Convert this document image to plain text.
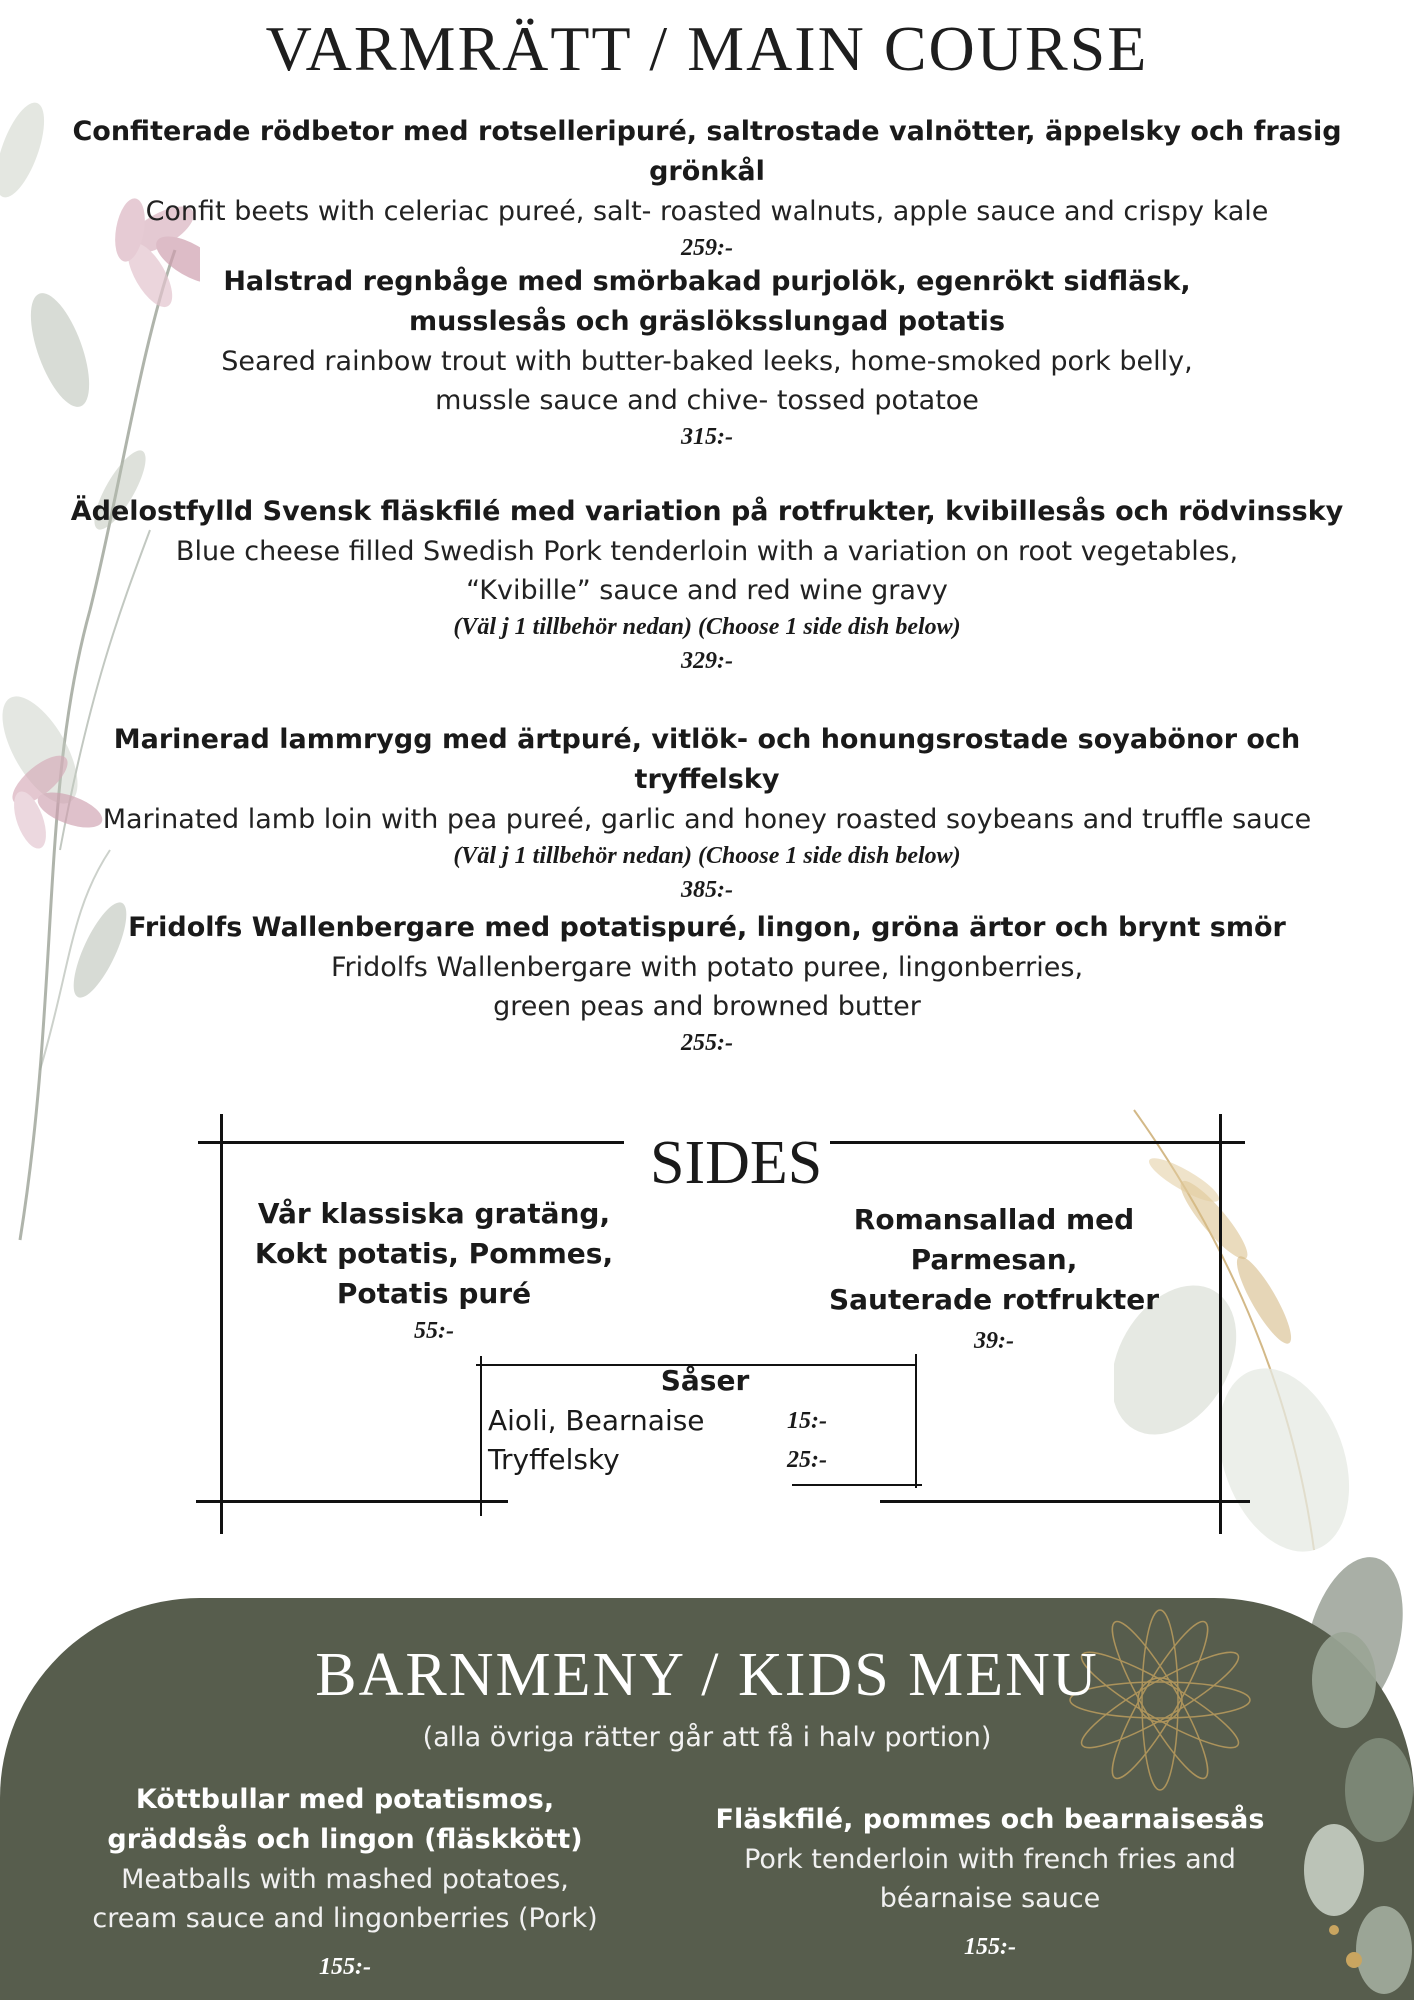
VARMRÄTT / MAIN COURSE
Confiterade rödbetor med rotselleripuré, saltrostade valnötter, äppelsky och frasig grönkål
Confit beets with celeriac pureé, salt- roasted walnuts, apple sauce and crispy kale
259:-
Halstrad regnbåge med smörbakad purjolök, egenrökt sidfläsk,
musslesås och gräslöksslungad potatis
Seared rainbow trout with butter-baked leeks, home-smoked pork belly,
mussle sauce and chive- tossed potatoe
315:-
Ädelostfylld Svensk fläskfilé med variation på rotfrukter, kvibillesås och rödvinssky
Blue cheese filled Swedish Pork tenderloin with a variation on root vegetables,
“Kvibille” sauce and red wine gravy
(Väl j 1 tillbehör nedan) (Choose 1 side dish below)
329:-
Marinerad lammrygg med ärtpuré, vitlök- och honungsrostade soyabönor och tryffelsky
Marinated lamb loin with pea pureé, garlic and honey roasted soybeans and truffle sauce
(Väl j 1 tillbehör nedan) (Choose 1 side dish below)
385:-
Fridolfs Wallenbergare med potatispuré, lingon, gröna ärtor och brynt smör
Fridolfs Wallenbergare with potato puree, lingonberries,
green peas and browned butter
255:-
SIDES
Vår klassiska gratäng,
Kokt potatis, Pommes,
Potatis puré
55:-
Romansallad med Parmesan,
Sauterade rotfrukter
39:-
Såser
Aioli, Bearnaise	15:-
Tryffelsky	25:-
BARNMENY / KIDS MENU
(alla övriga rätter går att få i halv portion)
Köttbullar med potatismos,
gräddsås och lingon (fläskkött)
Meatballs with mashed potatoes,
cream sauce and lingonberries (Pork)
155:-
Fläskfilé, pommes och bearnaisesås
Pork tenderloin with french fries and
béarnaise sauce
155:-
